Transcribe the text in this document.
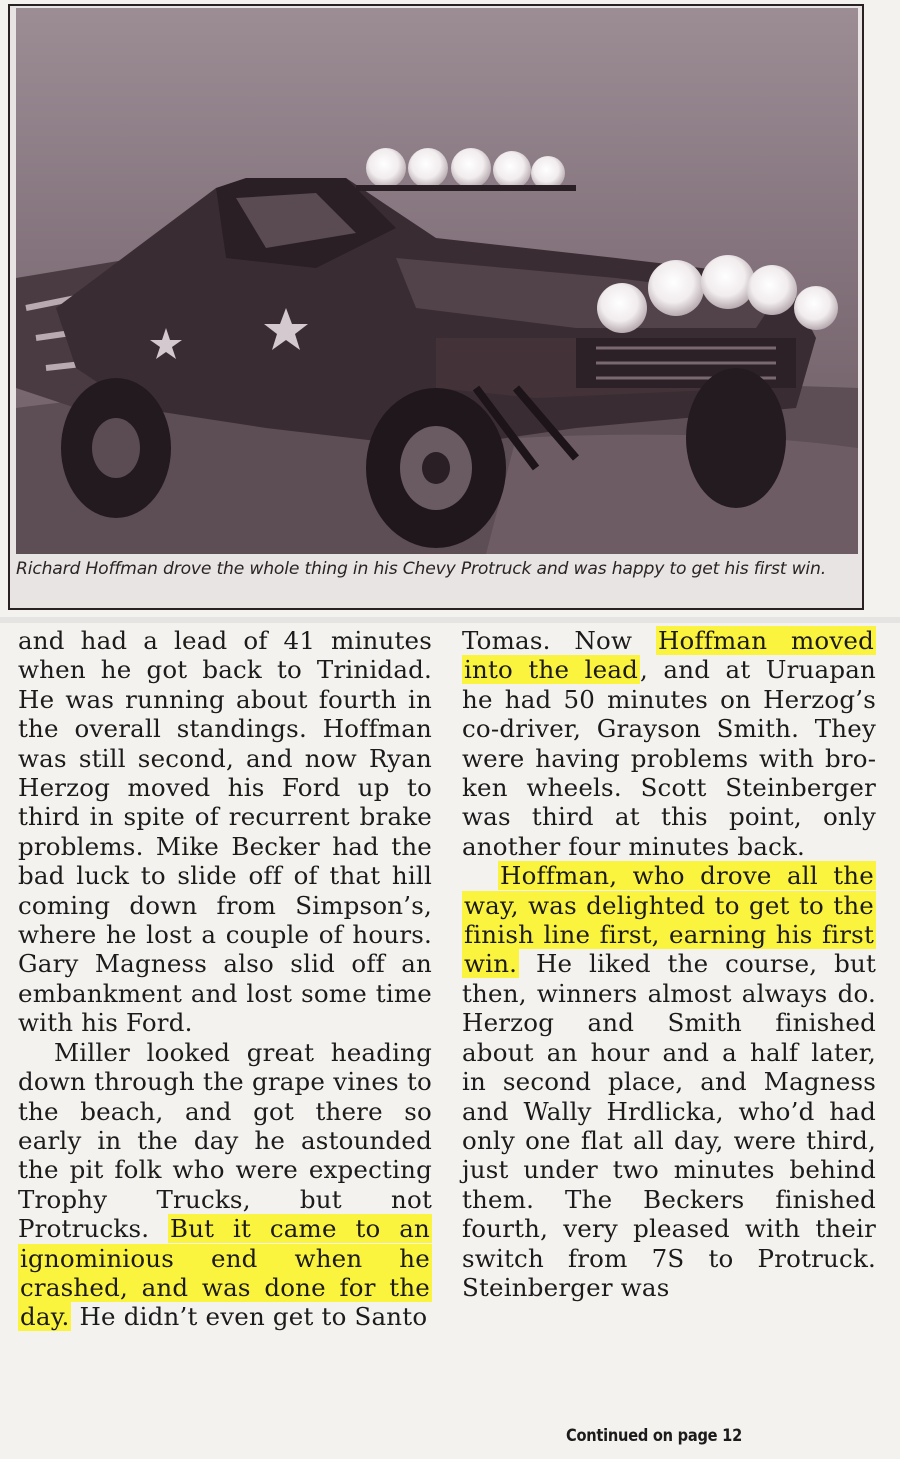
Richard Hoffman drove the whole thing in his Chevy Protruck and was happy to get his first win.

and had a lead of 41 minutes when he got back to Trinidad. He was running about fourth in the overall standings. Hoffman was still second, and now Ryan Herzog moved his Ford up to third in spite of recurrent brake problems. Mike Becker had the bad luck to slide off of that hill coming down from Simpson’s, where he lost a couple of hours. Gary Magness also slid off an embankment and lost some time with his Ford.

Miller looked great heading down through the grape vines to the beach, and got there so early in the day he astounded the pit folk who were expecting Trophy Trucks, but not Protrucks. But it came to an ignominious end when he crashed, and was done for the day. He didn’t even get to Santo

Tomas. Now Hoffman moved into the lead, and at Uruapan he had 50 minutes on Herzog’s co-driver, Grayson Smith. They were having problems with broken wheels. Scott Steinberger was third at this point, only another four minutes back.

Hoffman, who drove all the way, was delighted to get to the finish line first, earning his first win. He liked the course, but then, winners almost always do. Herzog and Smith finished about an hour and a half later, in second place, and Magness and Wally Hrdlicka, who’d had only one flat all day, were third, just under two minutes behind them. The Beckers finished fourth, very pleased with their switch from 7S to Protruck. Steinberger was

Continued on page 12
